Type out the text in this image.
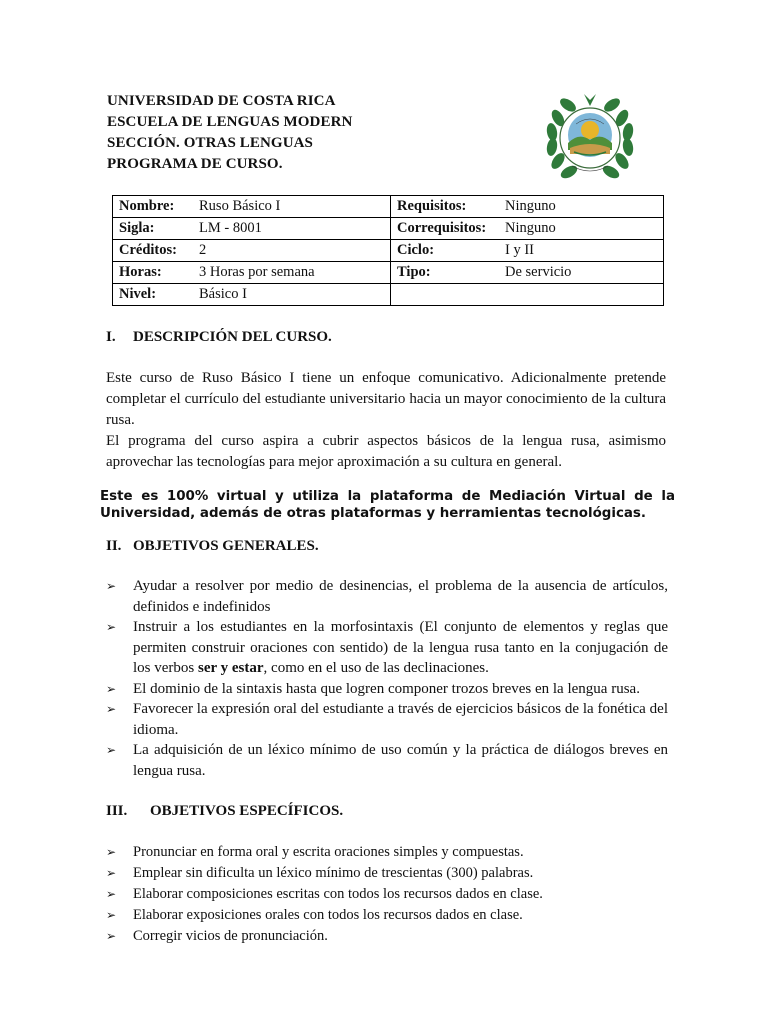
UNIVERSIDAD DE COSTA RICA
ESCUELA DE LENGUAS MODERN
SECCIÓN. OTRAS LENGUAS
PROGRAMA DE CURSO.
Nombre: Ruso Básico I	Requisitos: Ninguno
Sigla: LM - 8001	Correquisitos: Ninguno
Créditos: 2	Ciclo: I y II
Horas: 3 Horas por semana	Tipo: De servicio
Nivel: Básico I	
I. DESCRIPCIÓN DEL CURSO.

Este curso de Ruso Básico I tiene un enfoque comunicativo. Adicionalmente pretende completar el currículo del estudiante universitario hacia un mayor conocimiento de la cultura rusa.

El programa del curso aspira a cubrir aspectos básicos de la lengua rusa, asimismo aprovechar las tecnologías para mejor aproximación a su cultura en general.

Este es 100% virtual y utiliza la plataforma de Mediación Virtual de la Universidad, además de otras plataformas y herramientas tecnológicas.
II. OBJETIVOS GENERALES.
➢ Ayudar a resolver por medio de desinencias, el problema de la ausencia de artículos, definidos e indefinidos
➢ Instruir a los estudiantes en la morfosintaxis (El conjunto de elementos y reglas que permiten construir oraciones con sentido) de la lengua rusa tanto en la conjugación de los verbos ser y estar, como en el uso de las declinaciones.
➢ El dominio de la sintaxis hasta que logren componer trozos breves en la lengua rusa.
➢ Favorecer la expresión oral del estudiante a través de ejercicios básicos de la fonética del idioma.
➢ La adquisición de un léxico mínimo de uso común y la práctica de diálogos breves en lengua rusa.
III. OBJETIVOS ESPECÍFICOS.
➢ Pronunciar en forma oral y escrita oraciones simples y compuestas.
➢ Emplear sin dificulta un léxico mínimo de trescientas (300) palabras.
➢ Elaborar composiciones escritas con todos los recursos dados en clase.
➢ Elaborar exposiciones orales con todos los recursos dados en clase.
➢ Corregir vicios de pronunciación.
